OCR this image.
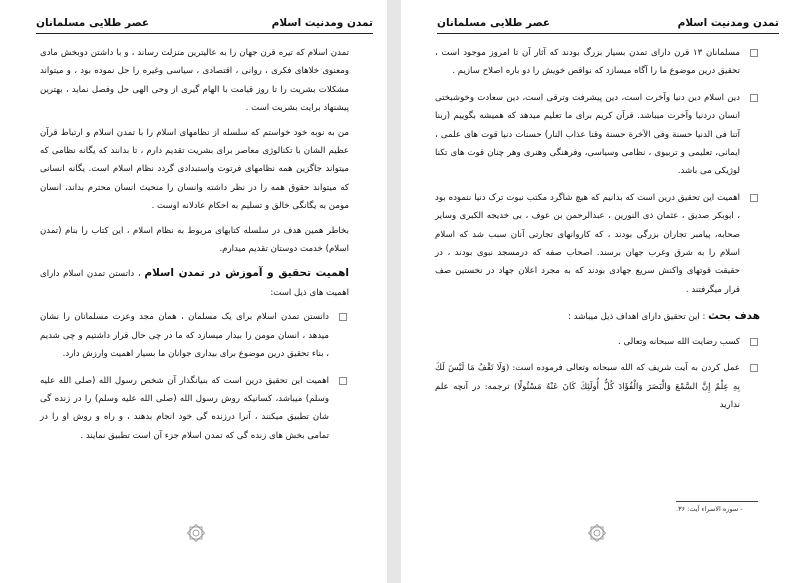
تمدن ومدنیت اسلام
عصر طلایی مسلمانان

تمدن اسلام که تیره قرن جهان را به عالیترین منزلت رساند ، و با داشتن دوبخش مادی ومعنوی خلاهای فکری ، روانی ، اقتصادی ، سیاسی وغیره را حل نموده بود ، و میتواند مشکلات بشریت را تا روز قیامت با الهام گیری از وحی الهی حل وفصل نماید ، بهترین پیشنهاد برایت بشریت است .

من به نوبه خود خواستم که سلسله از نظامهای اسلام را با تمدن اسلام و ارتباط قرآن عظیم الشان با تکنالوژی معاصر برای بشریت تقدیم دارم ، تا بدانند که یگانه نظامی که میتواند جاگزین همه نظامهای فرتوت واستبدادی گردد نظام اسلام است. یگانه انسانی که میتواند حقوق همه را در نظر داشته وانسان را منحیث انسان محترم بداند، انسان مومن به یگانگی خالق و تسلیم به احکام عادلانه اوست .

بخاطر همین هدف در سلسله کتابهای مربوط به نظام اسلام ، این کتاب را بنام (تمدن اسلام) خدمت دوستان تقدیم میدارم.

اهمیت تحقیق و آموزش در تمدن اسلام ، داتستن تمدن اسلام دارای اهمیت های ذیل است:

دانستن تمدن اسلام برای یک مسلمان ، همان مجد وعزت مسلمانان را نشان میدهد ، انسان مومن را بیدار میسازد که ما در چی حال قرار داشتیم و چی شدیم ، بناء تحقیق درین موضوع برای بیداری جوانان ما بسیار اهمیت وارزش دارد.
اهمیت این تحقیق درین است که بنیانگذار آن شخص رسول الله (صلی الله علیه وسلم) میباشد، کسانیکه روش رسول الله (صلی الله علیه وسلم) را در زنده گی شان تطبیق میکنند ، آنرا درزنده گی خود انجام بدهند ، و راه و روش او را در تمامی بخش های زنده گی که تمدن اسلام جزء آن است تطبیق نمایند .
تمدن ومدنیت اسلام
عصر طلایی مسلمانان
مسلمانان ۱۳ قرن دارای تمدن بسیار بزرگ بودند که آثار آن تا امروز موجود است ، تحقیق درین موضوع ما را آگاه میسازد که نواقص خویش را دو باره اصلاح سازیم .
دین اسلام دین دنیا وآخرت است، دین پیشرفت وترقی است، دین سعادت وخوشبختی انسان دردنیا وآخرت میباشد. قرآن کریم برای ما تعلیم میدهد که همیشه بگوییم (ربنا آتنا فی الدنیا حسنة وفی الآخرة حسنة وقنا عذاب النار) حسنات دنیا قوت های علمی ، ایمانی، تعلیمی و تربیوی ، نظامی وسیاسی، وفرهنگی وهنری وهر چنان قوت های تکنا لوژیکی می باشد.
اهمیت این تحقیق درین است که بدانیم که هیچ شاگرد مکتب نبوت ترک دنیا ننموده بود ، ابوبکر صدیق ، عثمان ذی النورین ، عبدالرحمن بن عوف ، بی خدیجه الکبری وسایر صحابه، پیامبر تجاران بزرگی بودند ، که کاروانهای تجارتی آنان سبب شد که اسلام اسلام را به شرق وغرب جهان برسند. اصحاب صفه که درمسجد نبوی بودند ، در حقیقت قوتهای واکنش سریع جهادی بودند که به مجرد اعلان جهاد در نخستین صف قرار میگرفتند .

هدف بحث : این تحقیق دارای اهداف ذیل میباشد :

کسب رضایت الله سبحانه وتعالی .
عمل کردن به آیت شریف که الله سبحانه وتعالی فرموده است: (وَلَا تَقْفُ مَا لَيْسَ لَكَ بِهِ عِلْمٌ إِنَّ السَّمْعَ وَالْبَصَرَ وَالْفُؤَادَ كُلُّ أُولَئِكَ كَانَ عَنْهُ مَسْئُولًا) ترجمه: در آنچه علم نداريد
- سوره الاسراء آیت: ۳۶.
